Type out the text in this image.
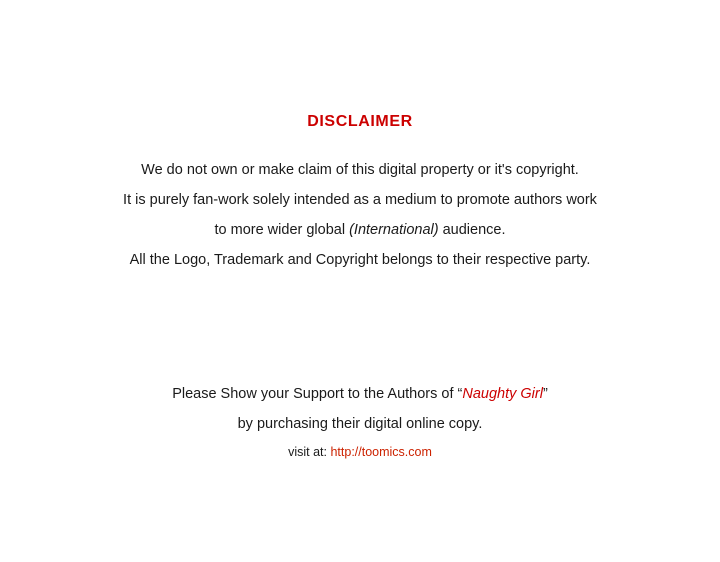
DISCLAIMER
We do not own or make claim of this digital property or it's copyright.
It is purely fan-work solely intended as a medium to promote authors work
to more wider global (International) audience.
All the Logo, Trademark and Copyright belongs to their respective party.
Please Show your Support to the Authors of “Naughty Girl”
by purchasing their digital online copy.
visit at: http://toomics.com
